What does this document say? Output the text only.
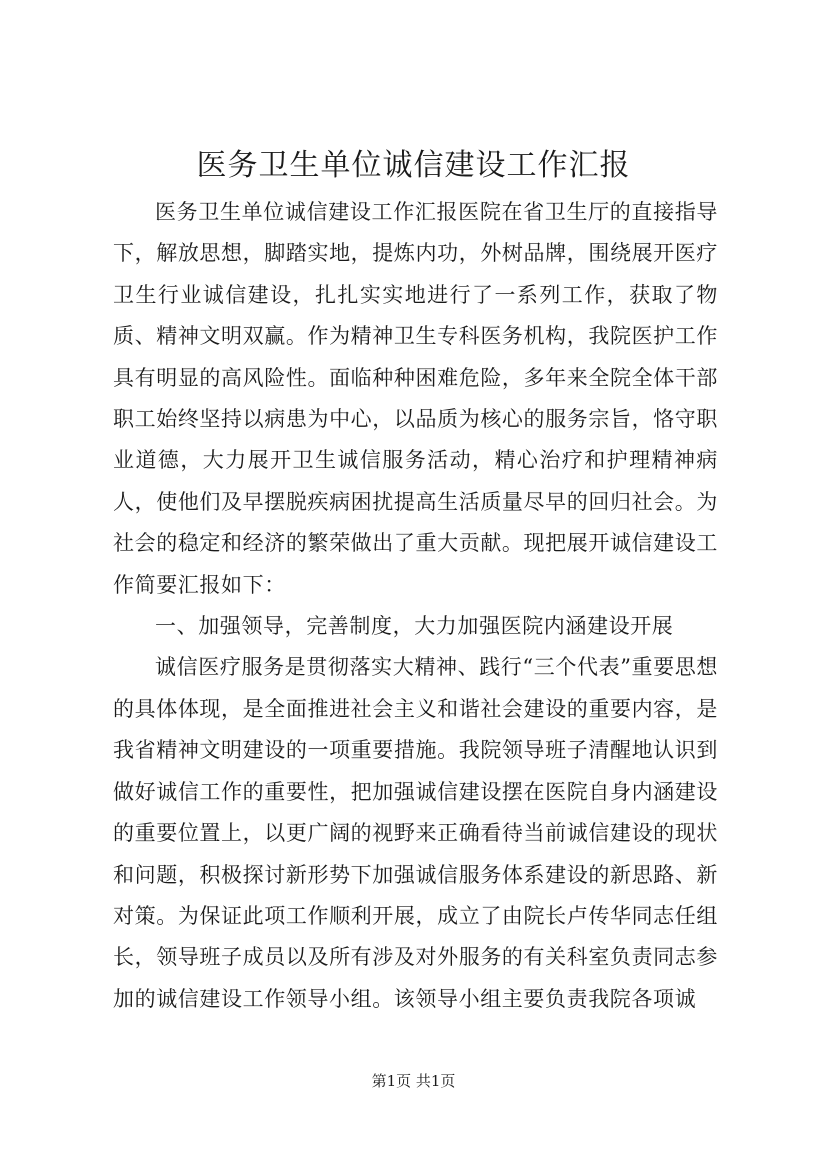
医务卫生单位诚信建设工作汇报

医务卫生单位诚信建设工作汇报医院在省卫生厅的直接指导下，解放思想，脚踏实地，提炼内功，外树品牌，围绕展开医疗卫生行业诚信建设，扎扎实实地进行了一系列工作，获取了物质、精神文明双赢。作为精神卫生专科医务机构，我院医护工作具有明显的高风险性。面临种种困难危险，多年来全院全体干部职工始终坚持以病患为中心，以品质为核心的服务宗旨，恪守职业道德，大力展开卫生诚信服务活动，精心治疗和护理精神病人，使他们及早摆脱疾病困扰提高生活质量尽早的回归社会。为社会的稳定和经济的繁荣做出了重大贡献。现把展开诚信建设工作简要汇报如下：

一、加强领导，完善制度，大力加强医院内涵建设开展

诚信医疗服务是贯彻落实大精神、践行“三个代表”重要思想的具体体现，是全面推进社会主义和谐社会建设的重要内容，是我省精神文明建设的一项重要措施。我院领导班子清醒地认识到做好诚信工作的重要性，把加强诚信建设摆在医院自身内涵建设的重要位置上，以更广阔的视野来正确看待当前诚信建设的现状和问题，积极探讨新形势下加强诚信服务体系建设的新思路、新对策。为保证此项工作顺利开展，成立了由院长卢传华同志任组长，领导班子成员以及所有涉及对外服务的有关科室负责同志参加的诚信建设工作领导小组。该领导小组主要负责我院各项诚

第1页 共1页
